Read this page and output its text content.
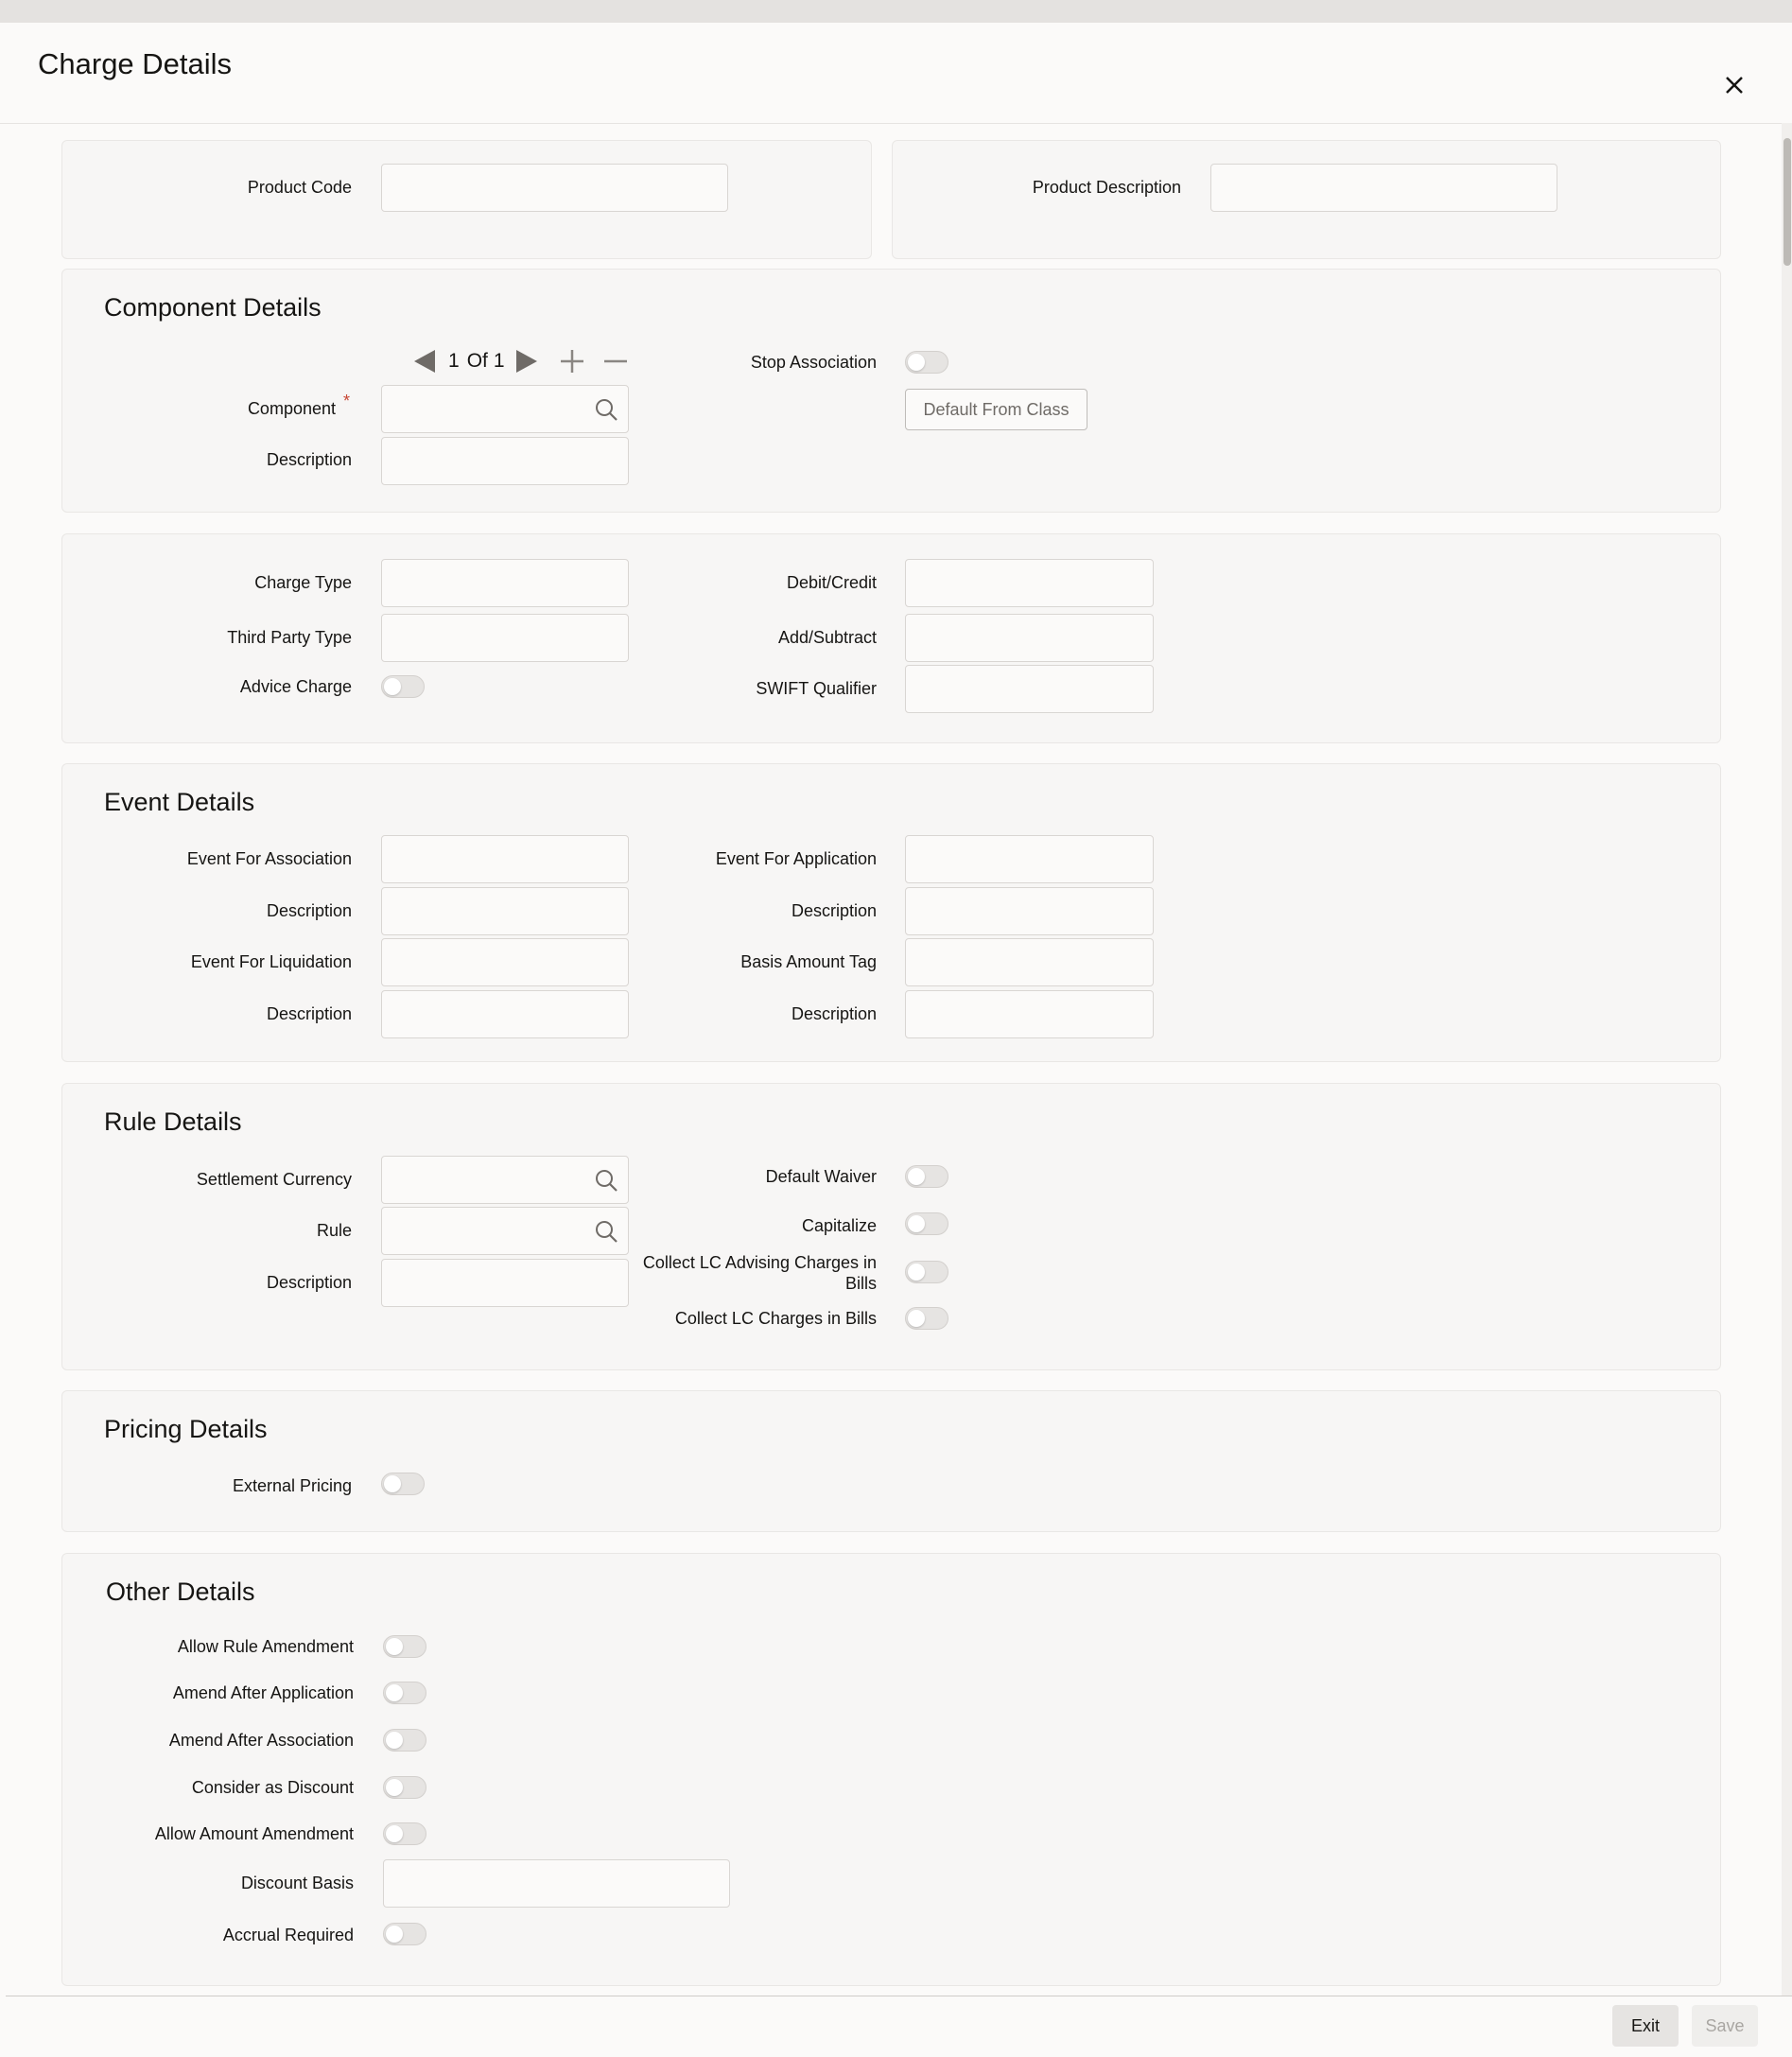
Charge Details
Product Code	Product Description
Component Details
1 Of 1
Component *
Description
Stop Association
Default From Class
Charge Type
Third Party Type
Advice Charge
Debit/Credit
Add/Subtract
SWIFT Qualifier
Event Details
Event For Association
Description
Event For Liquidation
Description
Event For Application
Description
Basis Amount Tag
Description
Rule Details
Settlement Currency
Rule
Description
Default Waiver
Capitalize
Collect LC Advising Charges in
Bills
Collect LC Charges in Bills
Pricing Details
External Pricing
Other Details
Allow Rule Amendment
Amend After Application
Amend After Association
Consider as Discount
Allow Amount Amendment
Discount Basis
Accrual Required
Exit	Save
